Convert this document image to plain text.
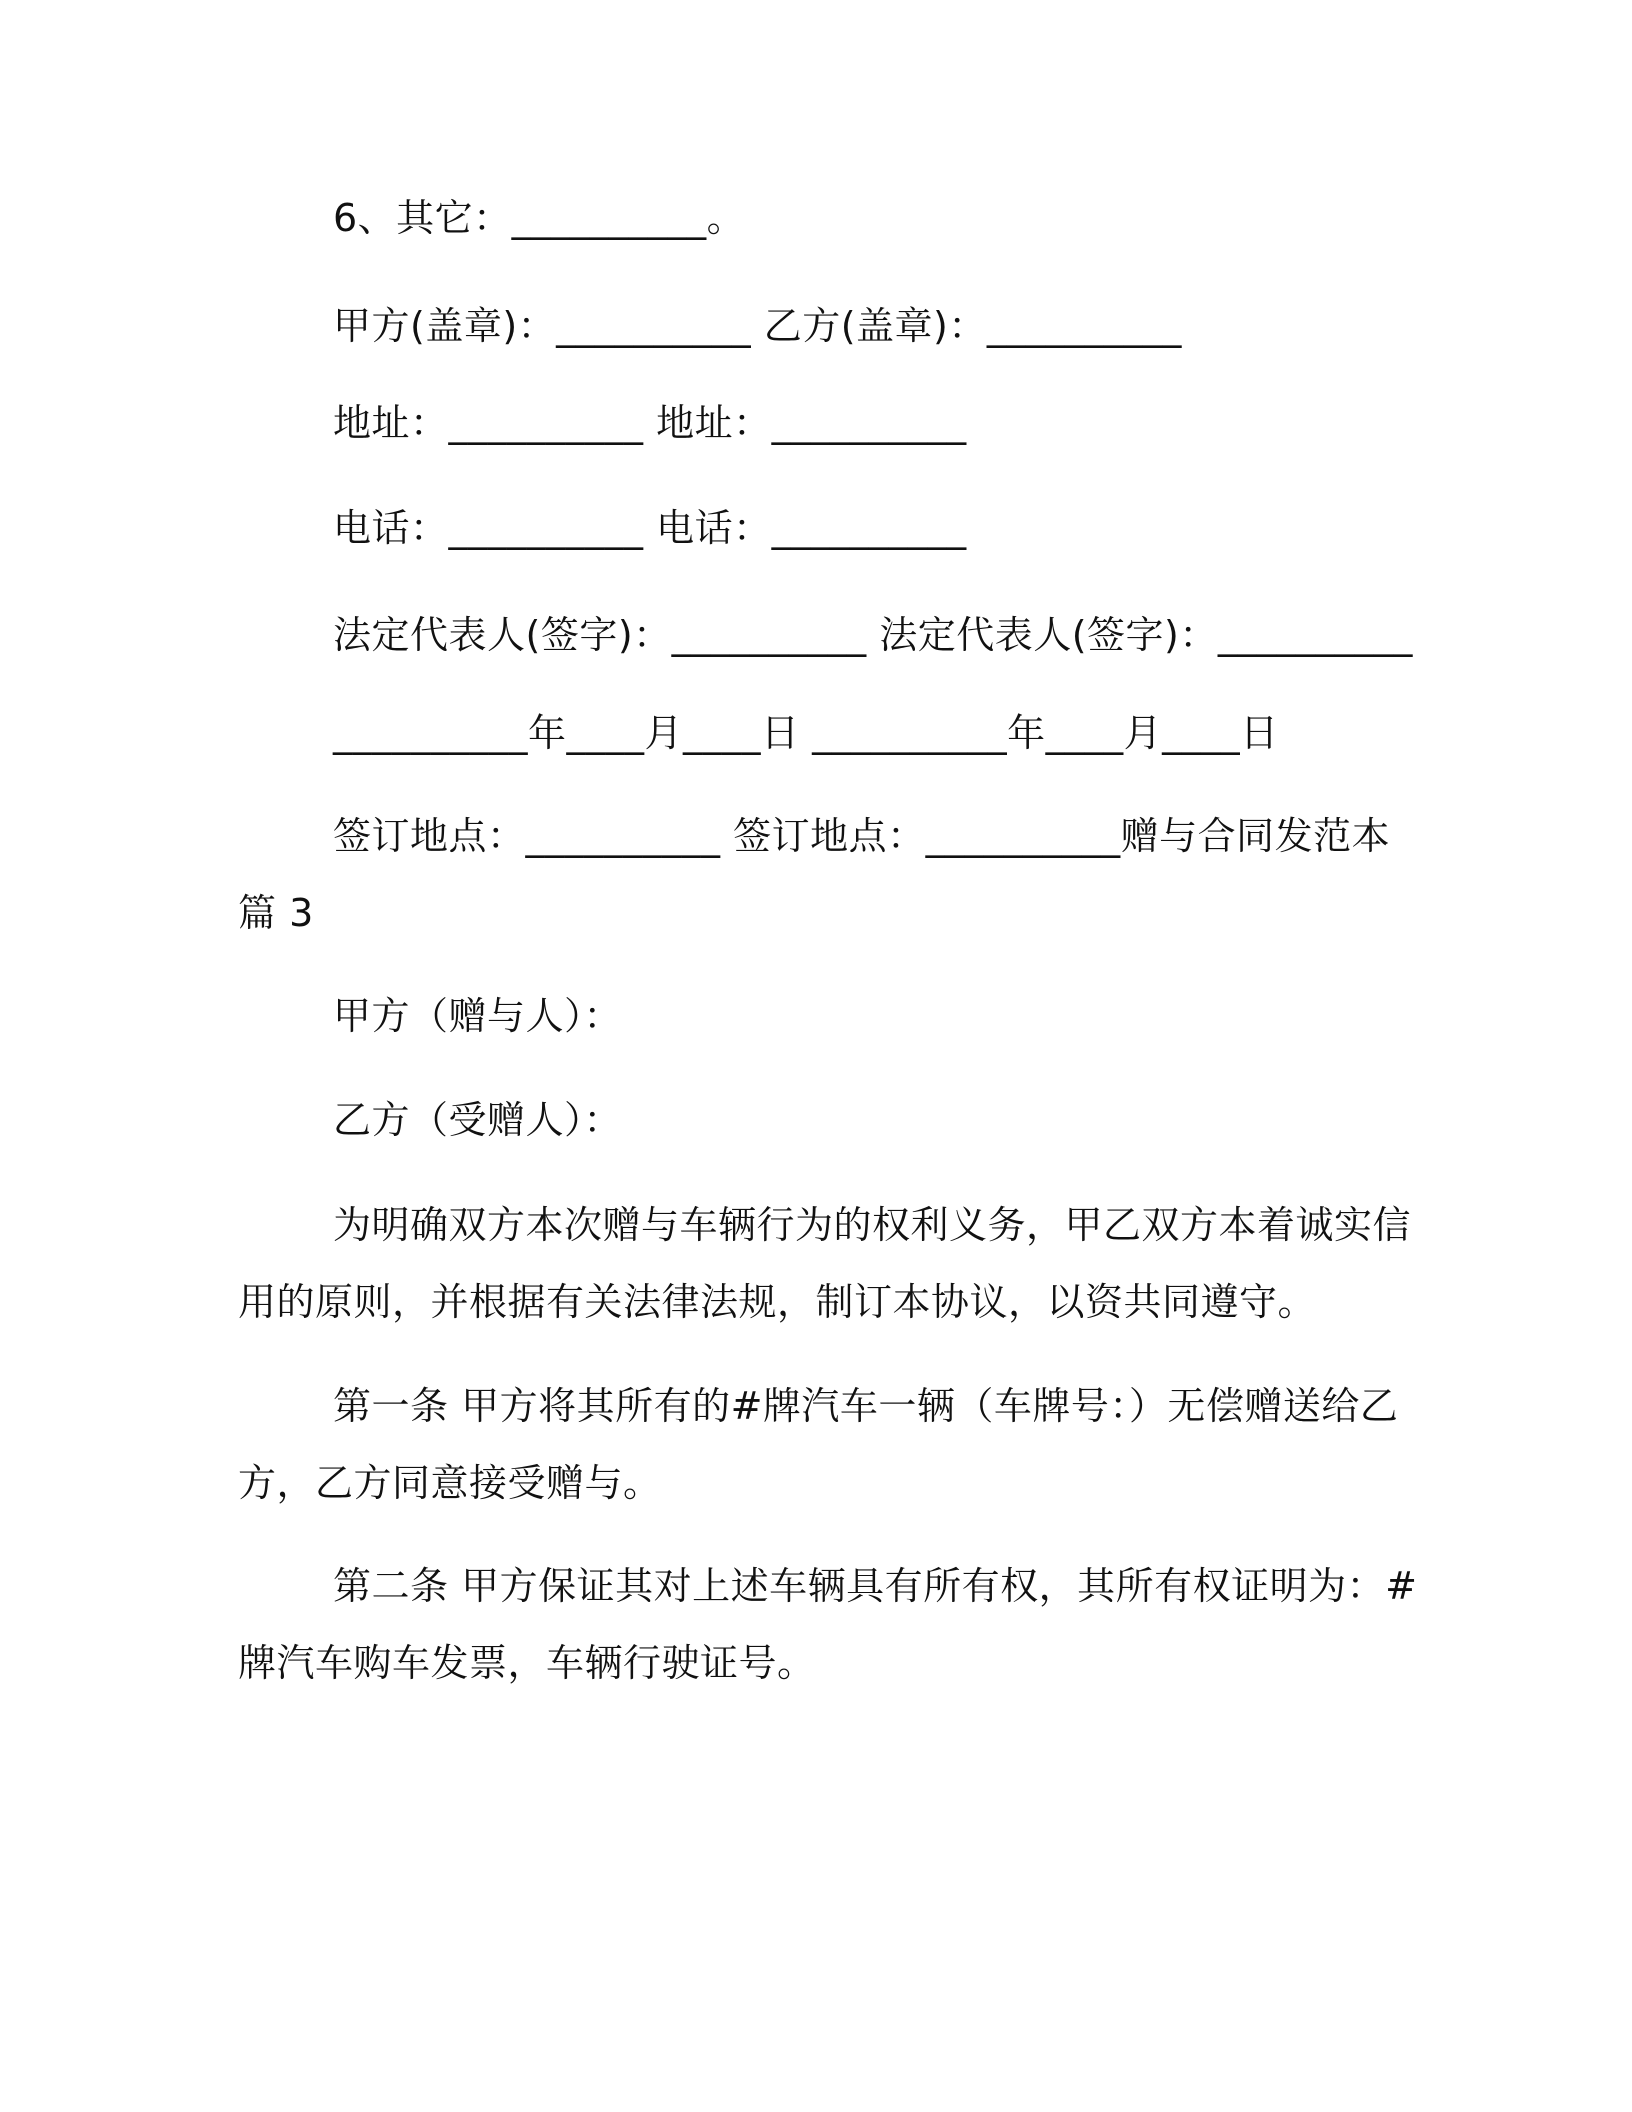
6、其它：__________。
甲方(盖章)：__________ 乙方(盖章)：__________
地址：__________ 地址：__________
电话：__________ 电话：__________
法定代表人(签字)：__________ 法定代表人(签字)：__________
__________年____月____日 __________年____月____日
签订地点：__________ 签订地点：__________赠与合同发范本
篇 3
甲方（赠与人）：
乙方（受赠人）：
为明确双方本次赠与车辆行为的权利义务，甲乙双方本着诚实信
用的原则，并根据有关法律法规，制订本协议，以资共同遵守。
第一条 甲方将其所有的#牌汽车一辆（车牌号：）无偿赠送给乙
方，乙方同意接受赠与。
第二条 甲方保证其对上述车辆具有所有权，其所有权证明为：#
牌汽车购车发票，车辆行驶证号。
